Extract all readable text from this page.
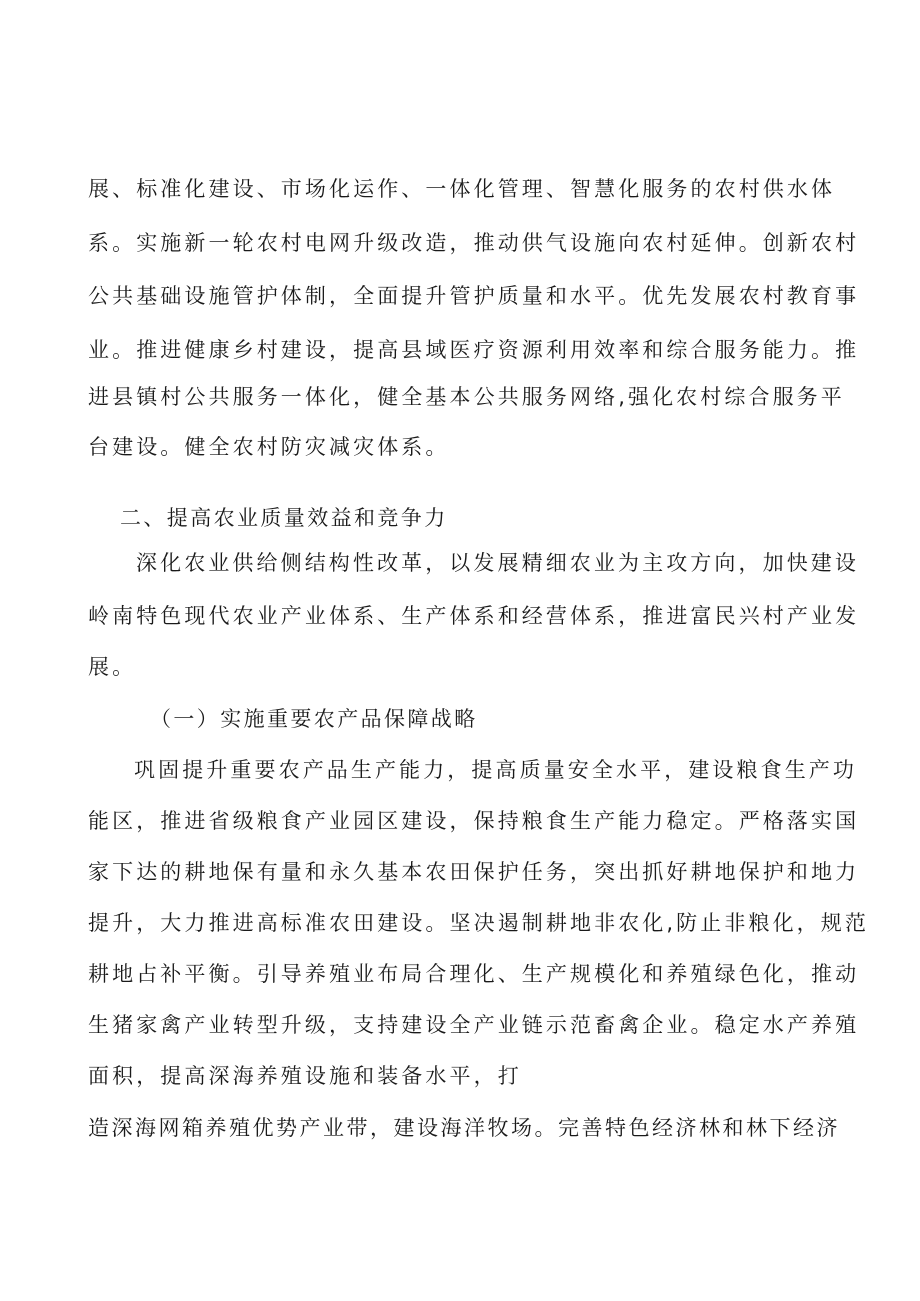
展、标准化建设、市场化运作、一体化管理、智慧化服务的农村供水体
系。实施新一轮农村电网升级改造，推动供气设施向农村延伸。创新农村
公共基础设施管护体制，全面提升管护质量和水平。优先发展农村教育事
业。推进健康乡村建设，提高县域医疗资源利用效率和综合服务能力。推
进县镇村公共服务一体化，健全基本公共服务网络,强化农村综合服务平
台建设。健全农村防灾减灾体系。
二、提高农业质量效益和竞争力
深化农业供给侧结构性改革，以发展精细农业为主攻方向，加快建设
岭南特色现代农业产业体系、生产体系和经营体系，推进富民兴村产业发
展。
（一）实施重要农产品保障战略
巩固提升重要农产品生产能力，提高质量安全水平，建设粮食生产功
能区，推进省级粮食产业园区建设，保持粮食生产能力稳定。严格落实国
家下达的耕地保有量和永久基本农田保护任务，突出抓好耕地保护和地力
提升，大力推进高标准农田建设。坚决遏制耕地非农化,防止非粮化，规范
耕地占补平衡。引导养殖业布局合理化、生产规模化和养殖绿色化，推动
生猪家禽产业转型升级，支持建设全产业链示范畜禽企业。稳定水产养殖
面积，提高深海养殖设施和装备水平，打
造深海网箱养殖优势产业带，建设海洋牧场。完善特色经济林和林下经济
